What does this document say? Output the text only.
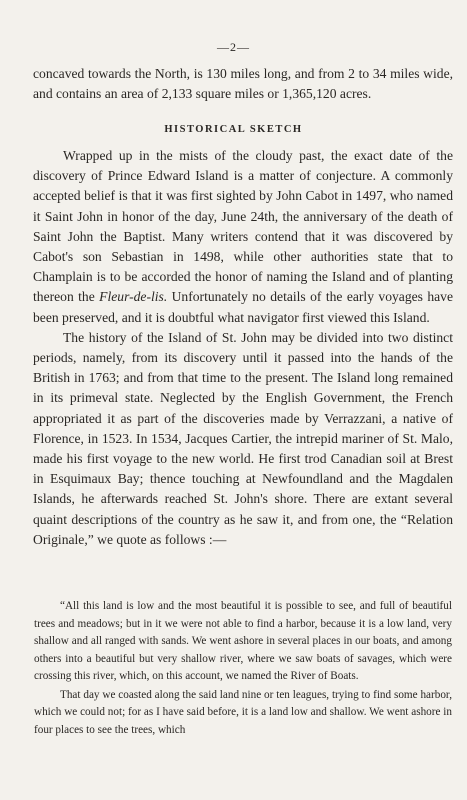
—2—

concaved towards the North, is 130 miles long, and from 2 to 34 miles wide, and contains an area of 2,133 square miles or 1,365,120 acres.

HISTORICAL SKETCH

Wrapped up in the mists of the cloudy past, the exact date of the discovery of Prince Edward Island is a matter of conjecture. A commonly accepted belief is that it was first sighted by John Cabot in 1497, who named it Saint John in honor of the day, June 24th, the anniversary of the death of Saint John the Baptist. Many writers contend that it was discovered by Cabot's son Sebastian in 1498, while other authorities state that to Champlain is to be accorded the honor of naming the Island and of planting thereon the Fleur-de-lis. Unfortunately no details of the early voyages have been preserved, and it is doubtful what navigator first viewed this Island.

The history of the Island of St. John may be divided into two distinct periods, namely, from its discovery until it passed into the hands of the British in 1763; and from that time to the present. The Island long remained in its primeval state. Neglected by the English Government, the French appropriated it as part of the discoveries made by Verrazzani, a native of Florence, in 1523. In 1534, Jacques Cartier, the intrepid mariner of St. Malo, made his first voyage to the new world. He first trod Canadian soil at Brest in Esquimaux Bay; thence touching at Newfoundland and the Magdalen Islands, he afterwards reached St. John's shore. There are extant several quaint descriptions of the country as he saw it, and from one, the “Relation Originale,” we quote as follows :—

“All this land is low and the most beautiful it is possible to see, and full of beautiful trees and meadows; but in it we were not able to find a harbor, because it is a low land, very shallow and all ranged with sands. We went ashore in several places in our boats, and among others into a beautiful but very shallow river, where we saw boats of savages, which were crossing this river, which, on this account, we named the River of Boats.

That day we coasted along the said land nine or ten leagues, trying to find some harbor, which we could not; for as I have said before, it is a land low and shallow. We went ashore in four places to see the trees, which
